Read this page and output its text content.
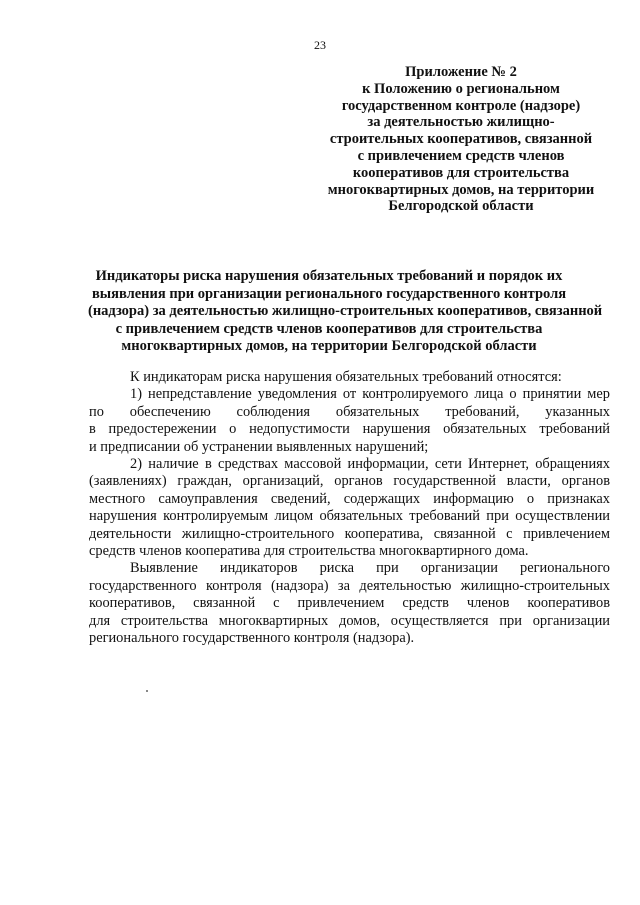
23
Приложение № 2
к Положению о региональном
государственном контроле (надзоре)
за деятельностью жилищно-
строительных кооперативов, связанной
с привлечением средств членов
кооперативов для строительства
многоквартирных домов, на территории
Белгородской области
Индикаторы риска нарушения обязательных требований и порядок их
выявления при организации регионального государственного контроля
(надзора) за деятельностью жилищно-строительных кооперативов, связанной
с привлечением средств членов кооперативов для строительства
многоквартирных домов, на территории Белгородской области
К индикаторам риска нарушения обязательных требований относятся:
1) непредставление уведомления от контролируемого лица о принятии мер
по обеспечению соблюдения обязательных требований, указанных
в предостережении о недопустимости нарушения обязательных требований
и предписании об устранении выявленных нарушений;
2) наличие в средствах массовой информации, сети Интернет, обращениях
(заявлениях) граждан, организаций, органов государственной власти, органов
местного самоуправления сведений, содержащих информацию о признаках
нарушения контролируемым лицом обязательных требований при осуществлении
деятельности жилищно-строительного кооператива, связанной с привлечением
средств членов кооператива для строительства многоквартирного дома.
Выявление индикаторов риска при организации регионального
государственного контроля (надзора) за деятельностью жилищно-строительных
кооперативов, связанной с привлечением средств членов кооперативов
для строительства многоквартирных домов, осуществляется при организации
регионального государственного контроля (надзора).
